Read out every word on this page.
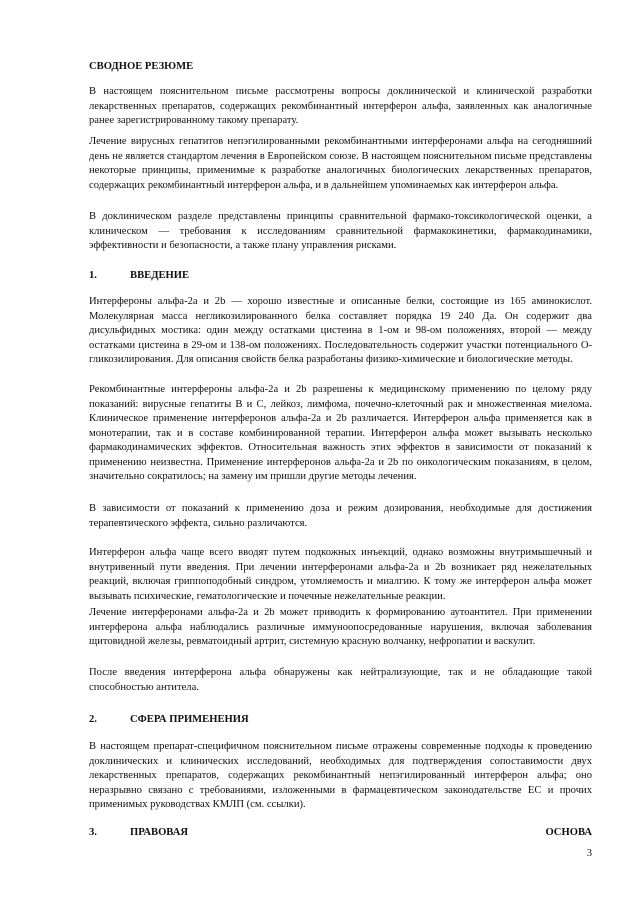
СВОДНОЕ РЕЗЮМЕ

В настоящем пояснительном письме рассмотрены вопросы доклинической и клинической разработки лекарственных препаратов, содержащих рекомбинантный интерферон альфа, заявленных как аналогичные ранее зарегистрированному такому препарату.

Лечение вирусных гепатитов непэгилированными рекомбинантными интерферонами альфа на сегодняшний день не является стандартом лечения в Европейском союзе. В настоящем пояснительном письме представлены некоторые принципы, применимые к разработке аналогичных биологических лекарственных препаратов, содержащих рекомбинантный интерферон альфа, и в дальнейшем упоминаемых как интерферон альфа.

В доклиническом разделе представлены принципы сравнительной фармако-токсикологической оценки, а клиническом — требования к исследованиям сравнительной фармакокинетики, фармакодинамики, эффективности и безопасности, а также плану управления рисками.

1.	ВВЕДЕНИЕ

Интерфероны альфа-2a и 2b — хорошо известные и описанные белки, состоящие из 165 аминокислот. Молекулярная масса негликозилированного белка составляет порядка 19 240 Да. Он содержит два дисульфидных мостика: один между остатками цистеина в 1-ом и 98-ом положениях, второй — между остатками цистеина в 29-ом и 138-ом положениях. Последовательность содержит участки потенциального О-гликозилирования. Для описания свойств белка разработаны физико-химические и биологические методы.

Рекомбинантные интерфероны альфа-2a и 2b разрешены к медицинскому применению по целому ряду показаний: вирусные гепатиты B и C, лейкоз, лимфома, почечно-клеточный рак и множественная миелома. Клиническое применение интерферонов альфа-2a и 2b различается. Интерферон альфа применяется как в монотерапии, так и в составе комбинированной терапии. Интерферон альфа может вызывать несколько фармакодинамических эффектов. Относительная важность этих эффектов в зависимости от показаний к применению неизвестна. Применение интерферонов альфа-2a и 2b по онкологическим показаниям, в целом, значительно сократилось; на замену им пришли другие методы лечения.

В зависимости от показаний к применению доза и режим дозирования, необходимые для достижения терапевтического эффекта, сильно различаются.

Интерферон альфа чаще всего вводят путем подкожных инъекций, однако возможны внутримышечный и внутривенный пути введения. При лечении интерферонами альфа-2a и 2b возникает ряд нежелательных реакций, включая гриппоподобный синдром, утомляемость и миалгию. К тому же интерферон альфа может вызывать психические, гематологические и почечные нежелательные реакции.

Лечение интерферонами альфа-2a и 2b может приводить к формированию аутоантител. При применении интерферона альфа наблюдались различные иммуноопосредованные нарушения, включая заболевания щитовидной железы, ревматоидный артрит, системную красную волчанку, нефропатии и васкулит.

После введения интерферона альфа обнаружены как нейтрализующие, так и не обладающие такой способностью антитела.

2.	СФЕРА ПРИМЕНЕНИЯ

В настоящем препарат-специфичном пояснительном письме отражены современные подходы к проведению доклинических и клинических исследований, необходимых для подтверждения сопоставимости двух лекарственных препаратов, содержащих рекомбинантный непэгилированный интерферон альфа; оно неразрывно связано с требованиями, изложенными в фармацевтическом законодательстве ЕС и прочих применимых руководствах КМЛП (см. ссылки).

3.	ПРАВОВАЯ	ОСНОВА
3
